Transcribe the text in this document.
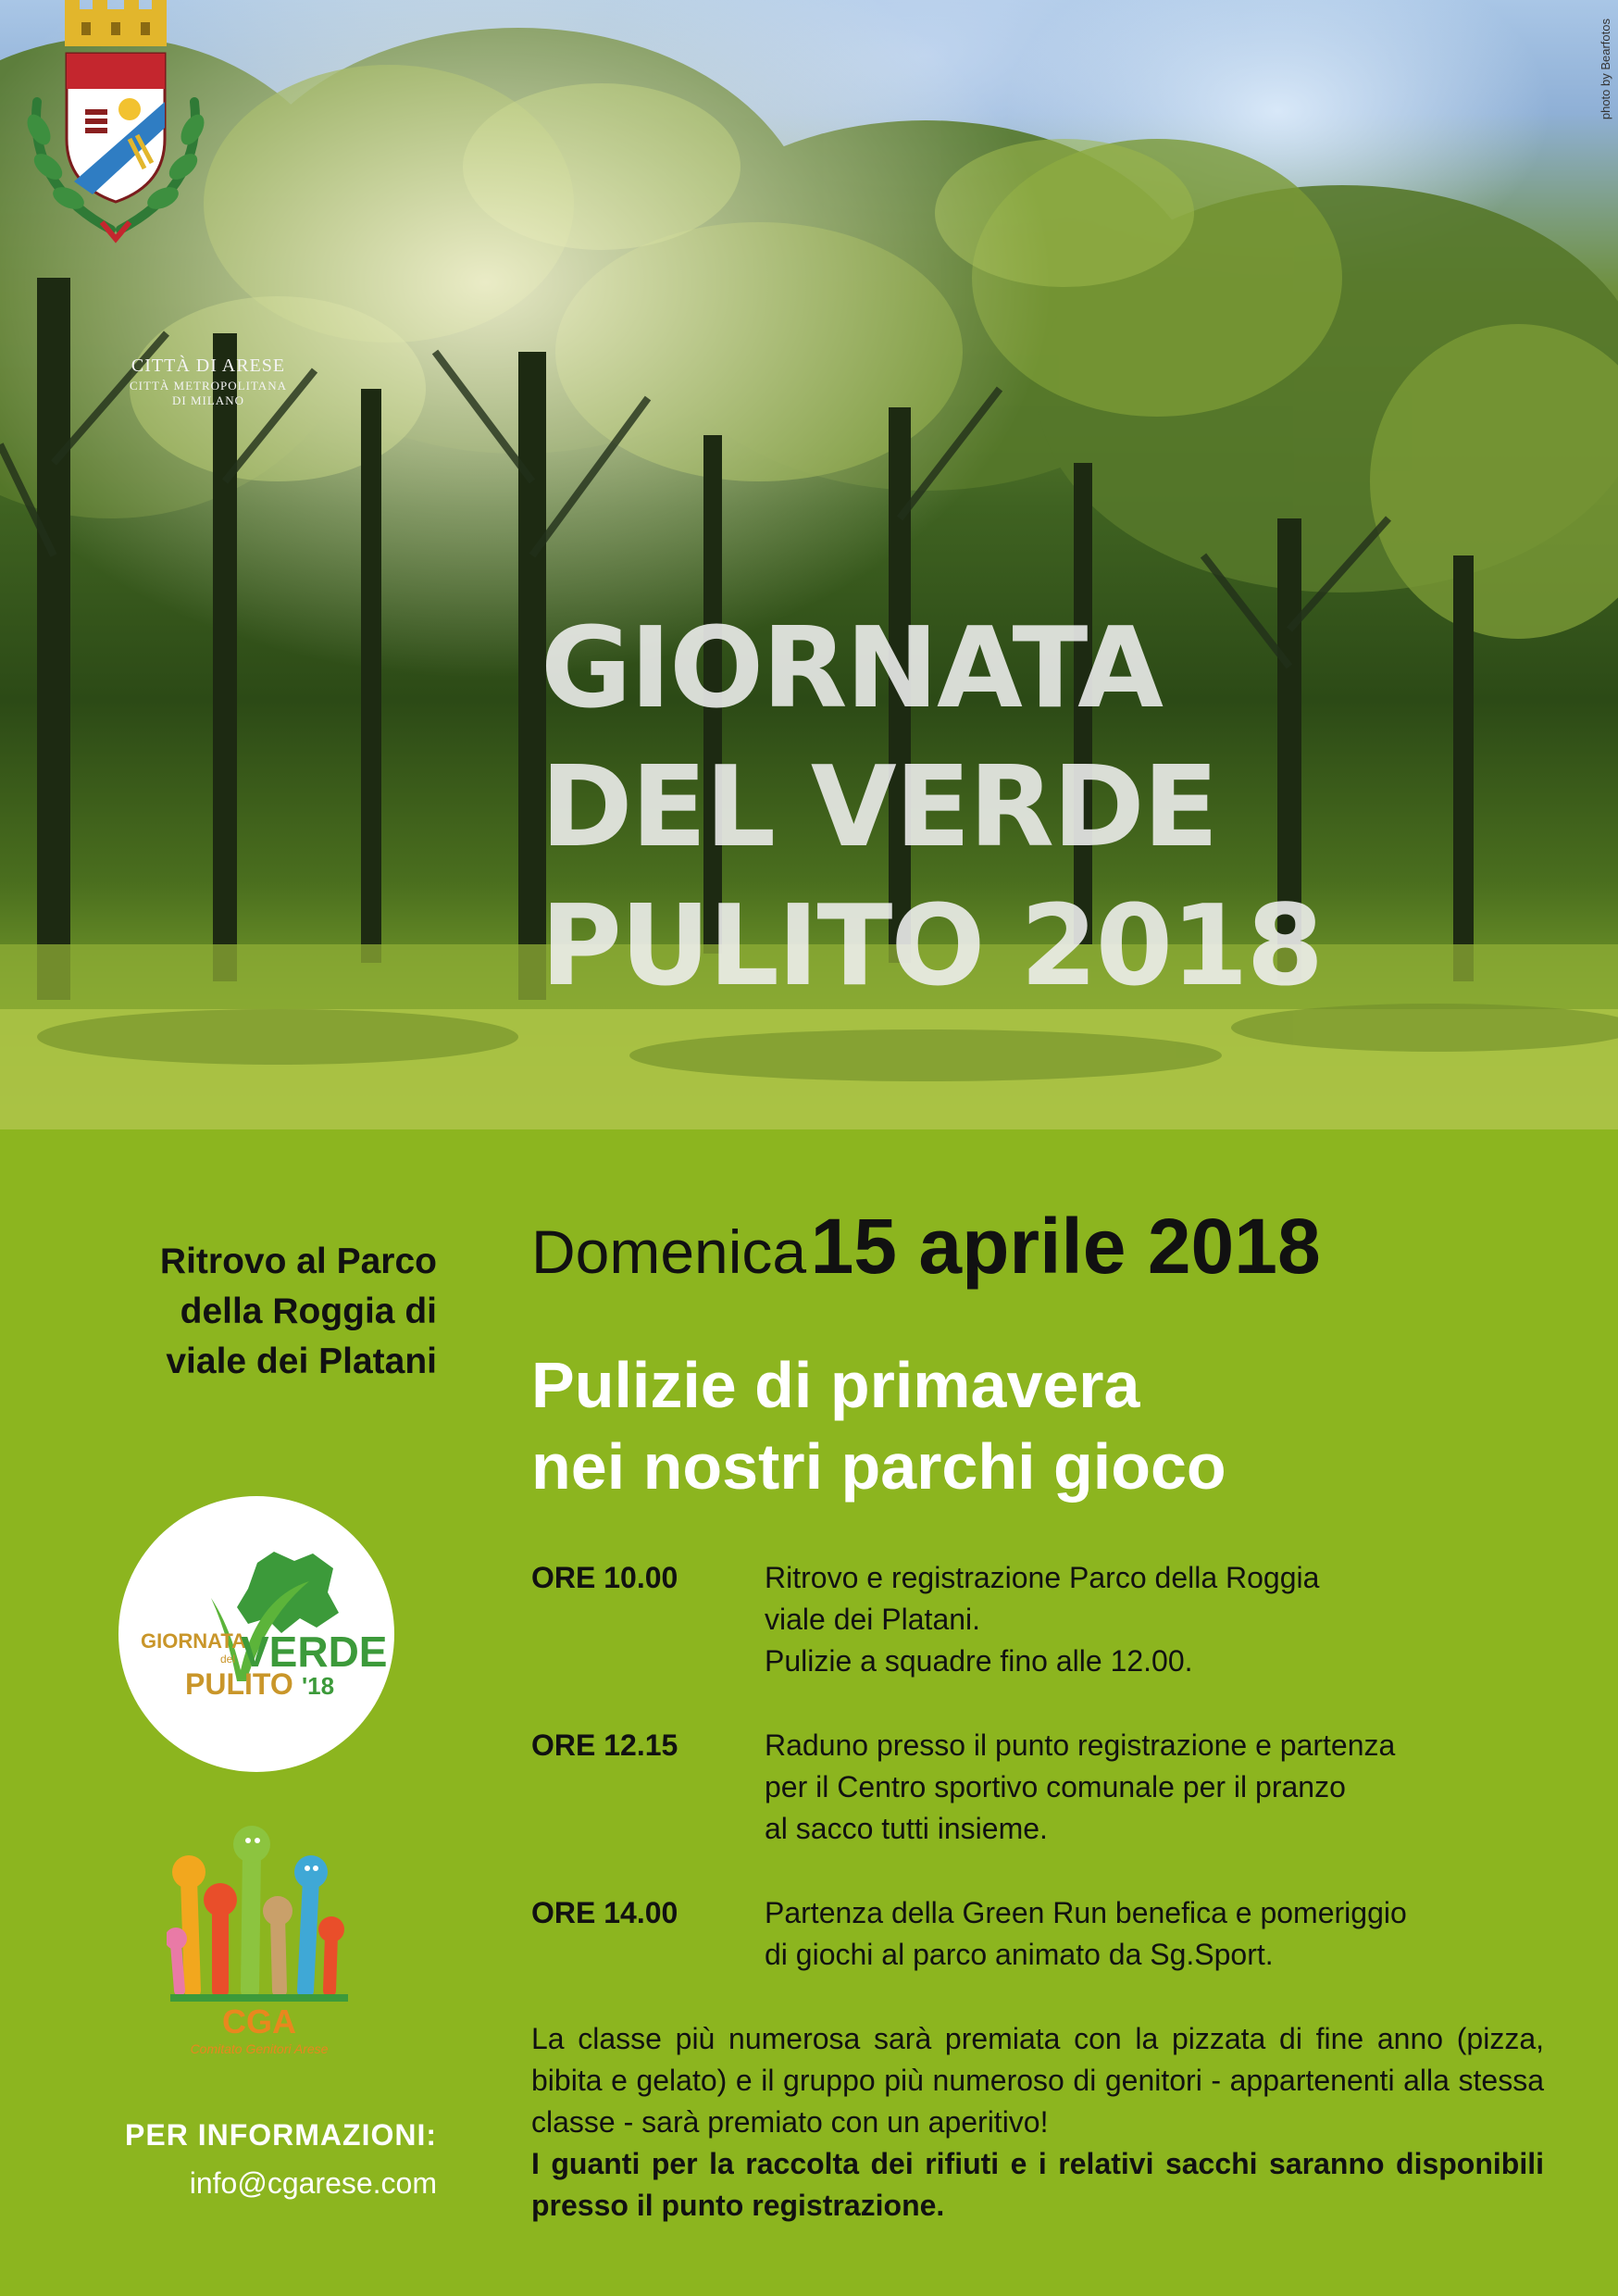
photo by Bearfotos
CITTÀ DI ARESE
CITTÀ METROPOLITANA
DI MILANO
GIORNATA
DEL VERDE
PULITO 2018
Ritrovo al Parco
della Roggia di
viale dei Platani
GIORNATA
del VERDE
PULITO '18
CGA
Comitato Genitori Arese
PER INFORMAZIONI:
info@cgarese.com
Domenica 15 aprile 2018
Pulizie di primavera
nei nostri parchi gioco
ORE 10.00	Ritrovo e registrazione Parco della Roggia
viale dei Platani.
Pulizie a squadre fino alle 12.00.
ORE 12.15	Raduno presso il punto registrazione e partenza
per il Centro sportivo comunale per il pranzo
al sacco tutti insieme.
ORE 14.00	Partenza della Green Run benefica e pomeriggio
di giochi al parco animato da Sg.Sport.
La classe più numerosa sarà premiata con la pizzata di fine anno (pizza, bibita e gelato) e il gruppo più numeroso di genitori - appartenenti alla stessa classe - sarà premiato con un aperitivo!
I guanti per la raccolta dei rifiuti e i relativi sacchi saranno disponibili presso il punto registrazione.
